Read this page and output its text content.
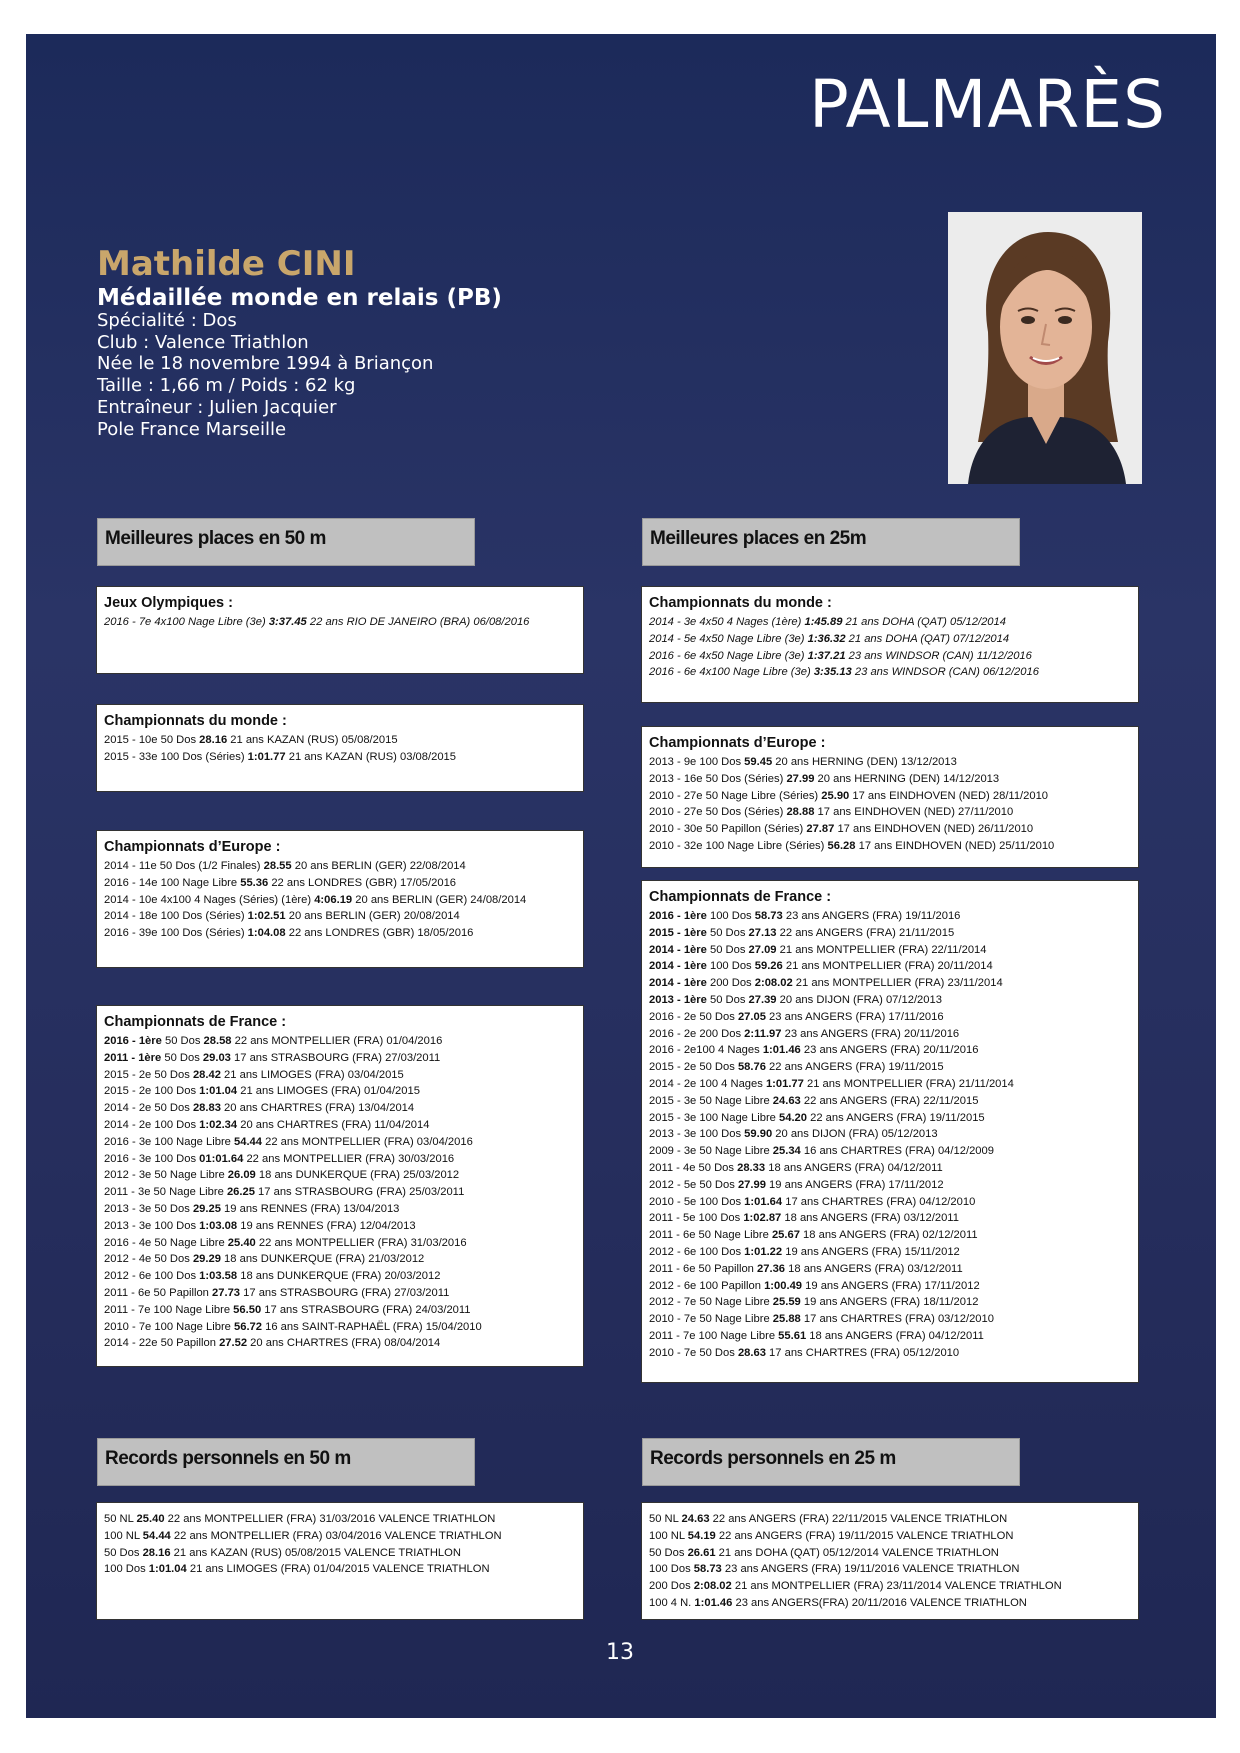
PALMARÈS
Mathilde CINI
Médaillée monde en relais (PB)
Spécialité : Dos
Club : Valence Triathlon
Née le 18 novembre 1994 à Briançon
Taille : 1,66 m / Poids : 62 kg
Entraîneur : Julien Jacquier
Pole France Marseille
Meilleures places en 50 m	Meilleures places en 25m
Records personnels en 50 m	Records personnels en 25 m
Jeux Olympiques :
2016 - 7e 4x100 Nage Libre (3e) 3:37.45 22 ans RIO DE JANEIRO (BRA) 06/08/2016
Championnats du monde :
2015 - 10e 50 Dos 28.16 21 ans KAZAN (RUS) 05/08/2015
2015 - 33e 100 Dos (Séries) 1:01.77 21 ans KAZAN (RUS) 03/08/2015
Championnats d’Europe :
2014 - 11e 50 Dos (1/2 Finales) 28.55 20 ans BERLIN (GER) 22/08/2014
2016 - 14e 100 Nage Libre 55.36 22 ans LONDRES (GBR) 17/05/2016
2014 - 10e 4x100 4 Nages (Séries) (1ère) 4:06.19 20 ans BERLIN (GER) 24/08/2014
2014 - 18e 100 Dos (Séries) 1:02.51 20 ans BERLIN (GER) 20/08/2014
2016 - 39e 100 Dos (Séries) 1:04.08 22 ans LONDRES (GBR) 18/05/2016
Championnats de France :
2016 - 1ère 50 Dos 28.58 22 ans MONTPELLIER (FRA) 01/04/2016
2011 - 1ère 50 Dos 29.03 17 ans STRASBOURG (FRA) 27/03/2011
2015 - 2e 50 Dos 28.42 21 ans LIMOGES (FRA) 03/04/2015
2015 - 2e 100 Dos 1:01.04 21 ans LIMOGES (FRA) 01/04/2015
2014 - 2e 50 Dos 28.83 20 ans CHARTRES (FRA) 13/04/2014
2014 - 2e 100 Dos 1:02.34 20 ans CHARTRES (FRA) 11/04/2014
2016 - 3e 100 Nage Libre 54.44 22 ans MONTPELLIER (FRA) 03/04/2016
2016 - 3e 100 Dos 01:01.64 22 ans MONTPELLIER (FRA) 30/03/2016
2012 - 3e 50 Nage Libre 26.09 18 ans DUNKERQUE (FRA) 25/03/2012
2011 - 3e 50 Nage Libre 26.25 17 ans STRASBOURG (FRA) 25/03/2011
2013 - 3e 50 Dos 29.25 19 ans RENNES (FRA) 13/04/2013
2013 - 3e 100 Dos 1:03.08 19 ans RENNES (FRA) 12/04/2013
2016 - 4e 50 Nage Libre 25.40 22 ans MONTPELLIER (FRA) 31/03/2016
2012 - 4e 50 Dos 29.29 18 ans DUNKERQUE (FRA) 21/03/2012
2012 - 6e 100 Dos 1:03.58 18 ans DUNKERQUE (FRA) 20/03/2012
2011 - 6e 50 Papillon 27.73 17 ans STRASBOURG (FRA) 27/03/2011
2011 - 7e 100 Nage Libre 56.50 17 ans STRASBOURG (FRA) 24/03/2011
2010 - 7e 100 Nage Libre 56.72 16 ans SAINT-RAPHAËL (FRA) 15/04/2010
2014 - 22e 50 Papillon 27.52 20 ans CHARTRES (FRA) 08/04/2014
Championnats du monde :
2014 - 3e 4x50 4 Nages (1ère) 1:45.89 21 ans DOHA (QAT) 05/12/2014
2014 - 5e 4x50 Nage Libre (3e) 1:36.32 21 ans DOHA (QAT) 07/12/2014
2016 - 6e 4x50 Nage Libre (3e) 1:37.21 23 ans WINDSOR (CAN) 11/12/2016
2016 - 6e 4x100 Nage Libre (3e) 3:35.13 23 ans WINDSOR (CAN) 06/12/2016
Championnats d’Europe :
2013 - 9e 100 Dos 59.45 20 ans HERNING (DEN) 13/12/2013
2013 - 16e 50 Dos (Séries) 27.99 20 ans HERNING (DEN) 14/12/2013
2010 - 27e 50 Nage Libre (Séries) 25.90 17 ans EINDHOVEN (NED) 28/11/2010
2010 - 27e 50 Dos (Séries) 28.88 17 ans EINDHOVEN (NED) 27/11/2010
2010 - 30e 50 Papillon (Séries) 27.87 17 ans EINDHOVEN (NED) 26/11/2010
2010 - 32e 100 Nage Libre (Séries) 56.28 17 ans EINDHOVEN (NED) 25/11/2010
Championnats de France :
2016 - 1ère 100 Dos 58.73 23 ans ANGERS (FRA) 19/11/2016
2015 - 1ère 50 Dos 27.13 22 ans ANGERS (FRA) 21/11/2015
2014 - 1ère 50 Dos 27.09 21 ans MONTPELLIER (FRA) 22/11/2014
2014 - 1ère 100 Dos 59.26 21 ans MONTPELLIER (FRA) 20/11/2014
2014 - 1ère 200 Dos 2:08.02 21 ans MONTPELLIER (FRA) 23/11/2014
2013 - 1ère 50 Dos 27.39 20 ans DIJON (FRA) 07/12/2013
2016 - 2e 50 Dos 27.05 23 ans ANGERS (FRA) 17/11/2016
2016 - 2e 200 Dos 2:11.97 23 ans ANGERS (FRA) 20/11/2016
2016 - 2e100 4 Nages 1:01.46 23 ans ANGERS (FRA) 20/11/2016
2015 - 2e 50 Dos 58.76 22 ans ANGERS (FRA) 19/11/2015
2014 - 2e 100 4 Nages 1:01.77 21 ans MONTPELLIER (FRA) 21/11/2014
2015 - 3e 50 Nage Libre 24.63 22 ans ANGERS (FRA) 22/11/2015
2015 - 3e 100 Nage Libre 54.20 22 ans ANGERS (FRA) 19/11/2015
2013 - 3e 100 Dos 59.90 20 ans DIJON (FRA) 05/12/2013
2009 - 3e 50 Nage Libre 25.34 16 ans CHARTRES (FRA) 04/12/2009
2011 - 4e 50 Dos 28.33 18 ans ANGERS (FRA) 04/12/2011
2012 - 5e 50 Dos 27.99 19 ans ANGERS (FRA) 17/11/2012
2010 - 5e 100 Dos 1:01.64 17 ans CHARTRES (FRA) 04/12/2010
2011 - 5e 100 Dos 1:02.87 18 ans ANGERS (FRA) 03/12/2011
2011 - 6e 50 Nage Libre 25.67 18 ans ANGERS (FRA) 02/12/2011
2012 - 6e 100 Dos 1:01.22 19 ans ANGERS (FRA) 15/11/2012
2011 - 6e 50 Papillon 27.36 18 ans ANGERS (FRA) 03/12/2011
2012 - 6e 100 Papillon 1:00.49 19 ans ANGERS (FRA) 17/11/2012
2012 - 7e 50 Nage Libre 25.59 19 ans ANGERS (FRA) 18/11/2012
2010 - 7e 50 Nage Libre 25.88 17 ans CHARTRES (FRA) 03/12/2010
2011 - 7e 100 Nage Libre 55.61 18 ans ANGERS (FRA) 04/12/2011
2010 - 7e 50 Dos 28.63 17 ans CHARTRES (FRA) 05/12/2010
50 NL 25.40 22 ans MONTPELLIER (FRA) 31/03/2016 VALENCE TRIATHLON
100 NL 54.44 22 ans MONTPELLIER (FRA) 03/04/2016 VALENCE TRIATHLON
50 Dos 28.16 21 ans KAZAN (RUS) 05/08/2015 VALENCE TRIATHLON
100 Dos 1:01.04 21 ans LIMOGES (FRA) 01/04/2015 VALENCE TRIATHLON
50 NL 24.63 22 ans ANGERS (FRA) 22/11/2015 VALENCE TRIATHLON
100 NL 54.19 22 ans ANGERS (FRA) 19/11/2015 VALENCE TRIATHLON
50 Dos 26.61 21 ans DOHA (QAT) 05/12/2014 VALENCE TRIATHLON
100 Dos 58.73 23 ans ANGERS (FRA) 19/11/2016 VALENCE TRIATHLON
200 Dos 2:08.02 21 ans MONTPELLIER (FRA) 23/11/2014 VALENCE TRIATHLON
100 4 N. 1:01.46 23 ans ANGERS(FRA) 20/11/2016 VALENCE TRIATHLON
13
